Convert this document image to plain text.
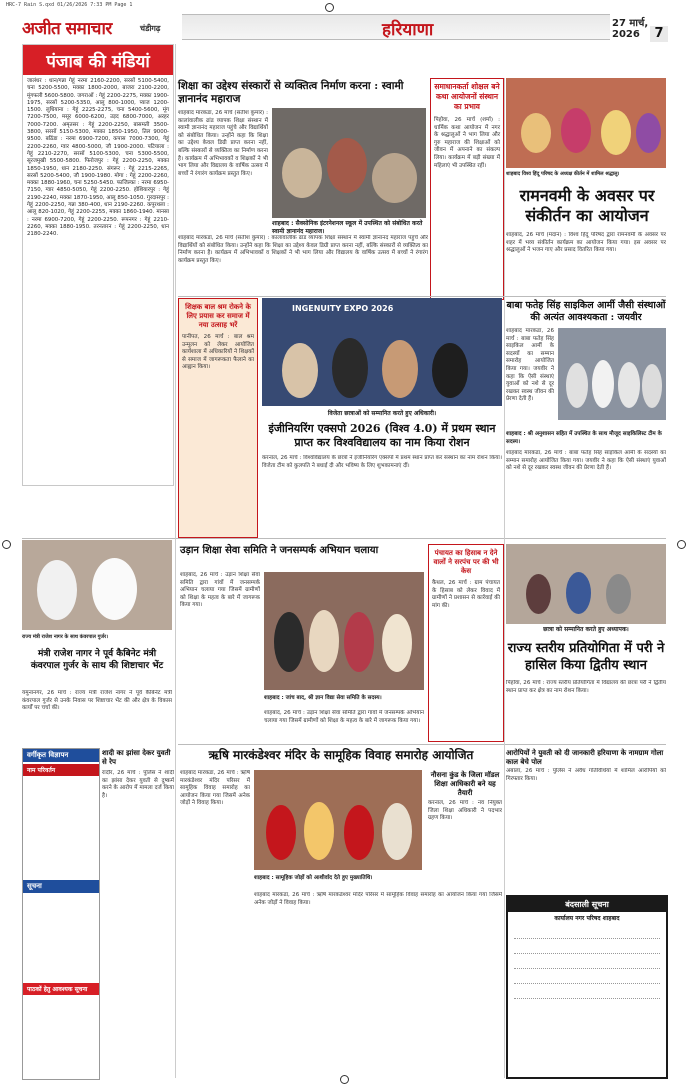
HRC-7 Rain S.qxd 01/26/2026 7:33 PM Page 1
अजीत समाचार	चंडीगढ़	हरियाणा	27 मार्च, 2026	7
पंजाब की मंडियां
जालंधर : धान/गन्ना गेहूं नरमा 2160-2200, सरसों 5100-5400, चना 5200-5500, मक्का 1800-2000, बाजरा 2100-2200, मूंगफली 5600-5800. जगराओं : गेहूं 2200-2275, मक्का 1900-1975, सरसों 5200-5350, आलू 800-1000, प्याज 1200-1500. लुधियाना : गेहूं 2225-2275, चना 5400-5600, मूंग 7200-7500, मसूर 6000-6200, उड़द 6800-7000, अरहर 7000-7200. अमृतसर : गेहूं 2200-2250, बासमती 3500-3800, सरसों 5150-5300, मक्का 1850-1950, तिल 9000-9500. बठिंडा : नरमा 6900-7200, कपास 7000-7300, गेहूं 2200-2260, ग्वार 4800-5000, जौ 1900-2000. पटियाला : गेहूं 2210-2270, सरसों 5100-5300, चना 5300-5500, सूरजमुखी 5500-5800. फिरोजपुर : गेहूं 2200-2250, मक्का 1850-1950, धान 2180-2250. संगरूर : गेहूं 2215-2265, सरसों 5200-5400, जौ 1900-1980. मोगा : गेहूं 2200-2260, मक्का 1880-1960, चना 5250-5450. फाजिल्का : नरमा 6950-7150, ग्वार 4850-5050, गेहूं 2200-2250. होशियारपुर : गेहूं 2190-2240, मक्का 1870-1950, आलू 850-1050. गुरदासपुर : गेहूं 2200-2250, गन्ना 380-400, धान 2190-2260. कपूरथला : आलू 820-1020, गेहूं 2200-2255, मक्का 1860-1940. मानसा : नरमा 6900-7200, गेहूं 2200-2250. रूपनगर : गेहूं 2210-2260, मक्का 1880-1950. तरनतारन : गेहूं 2200-2250, धान 2180-2240.
शिक्षा का उद्देश्य संस्कारों से व्यक्तित्व निर्माण करना : स्वामी ज्ञानानंद महाराज
शाहबाद मारकंडा, 26 मार्च (सतीश कुमार) : कालांवालीक ढांड व्यापक शिक्षा संस्थान में स्वामी ज्ञानानंद महाराज पहुंचे और विद्यार्थियों को संबोधित किया। उन्होंने कहा कि शिक्षा का उद्देश्य केवल डिग्री प्राप्त करना नहीं, बल्कि संस्कारों से व्यक्तित्व का निर्माण करना है। कार्यक्रम में अभिभावकों व शिक्षकों ने भी भाग लिया और विद्यालय के वार्षिक उत्सव में बच्चों ने रंगारंग कार्यक्रम प्रस्तुत किए।
शाहबाद : सैक्सोनिक इंटरनेशनल स्कूल में उपस्थित को संबोधित करते स्वामी ज्ञानानंद महाराज।
शाहबाद मारकंडा, 26 मार्च (सतीश कुमार) : कालांवालीक ढांड व्यापक शिक्षा संस्थान में स्वामी ज्ञानानंद महाराज पहुंचे और विद्यार्थियों को संबोधित किया। उन्होंने कहा कि शिक्षा का उद्देश्य केवल डिग्री प्राप्त करना नहीं, बल्कि संस्कारों से व्यक्तित्व का निर्माण करना है। कार्यक्रम में अभिभावकों व शिक्षकों ने भी भाग लिया और विद्यालय के वार्षिक उत्सव में बच्चों ने रंगारंग कार्यक्रम प्रस्तुत किए।
समाधानकर्ता शोक्षल बने कथा आयोजनों संस्थान का प्रभाव
पिहोवा, 26 मार्च (शर्मा) : धार्मिक कथा आयोजन में नगर के श्रद्धालुओं ने भाग लिया और गुरु महाराज की शिक्षाओं को जीवन में अपनाने का संकल्प लिया। कार्यक्रम में बड़ी संख्या में महिलाएं भी उपस्थित रहीं।
शाहबाद विश्व हिंदू परिषद के अध्यक्ष कीर्तन में शामिल श्रद्धालु।
रामनवमी के अवसर पर संकीर्तन का आयोजन
शाहबाद, 26 मार्च (मदान) : विश्व हिंदू परिषद द्वारा रामनवमी के अवसर पर शहर में भव्य संकीर्तन कार्यक्रम का आयोजन किया गया। इस अवसर पर श्रद्धालुओं ने भजन गाए और प्रसाद वितरित किया गया।
शिक्षक बाल श्रम रोकने के लिए प्रयास कर समाज में नया उत्साह भरें
पानीपत, 26 मार्च : बाल श्रम उन्मूलन को लेकर आयोजित कार्यशाला में अधिकारियों ने शिक्षकों से समाज में जागरूकता फैलाने का आह्वान किया।
INGENUITY EXPO 2026
विजेता छात्राओं को सम्मानित करते हुए अधिकारी।
इंजीनियरिंग एक्सपो 2026 (विश्व 4.0) में प्रथम स्थान प्राप्त कर विश्वविद्यालय का नाम किया रोशन
करनाल, 26 मार्च : विश्वविद्यालय के छात्रों ने इंजीनियरिंग एक्सपो में प्रथम स्थान प्राप्त कर संस्थान का नाम रोशन किया। विजेता टीम को कुलपति ने बधाई दी और भविष्य के लिए शुभकामनाएं दीं।
बाबा फतेह सिंह साइकिल आर्मी जैसी संस्थाओं की अत्यंत आवश्यकता : जयवीर
शाहबाद मारकंडा, 26 मार्च : बाबा फतेह सिंह साइकिल आर्मी के सदस्यों का सम्मान समारोह आयोजित किया गया। जयवीर ने कहा कि ऐसी संस्थाएं युवाओं को नशे से दूर रखकर स्वस्थ जीवन की प्रेरणा देती हैं।
शाहबाद : श्री अनुशासन सहित में उपस्थित के साथ मौजूद साइकिलिस्ट टीम के सदस्य।
शाहबाद मारकंडा, 26 मार्च : बाबा फतेह सिंह साइकिल आर्मी के सदस्यों का सम्मान समारोह आयोजित किया गया। जयवीर ने कहा कि ऐसी संस्थाएं युवाओं को नशे से दूर रखकर स्वस्थ जीवन की प्रेरणा देती हैं।
राज्य मंत्री राजेश नागर के साथ कंवरपाल गुर्जर।
मंत्री राजेश नागर ने पूर्व कैबिनेट मंत्री कंवरपाल गुर्जर के साथ की शिष्टाचार भेंट
यमुनानगर, 26 मार्च : राज्य मंत्री राजेश नागर ने पूर्व कैबिनेट मंत्री कंवरपाल गुर्जर से उनके निवास पर शिष्टाचार भेंट की और क्षेत्र के विकास कार्यों पर चर्चा की।
वर्गीकृत विज्ञापन
नाम परिवर्तन
सूचना
पाठकों हेतु आवश्यक सूचना
शादी का झांसा देकर युवती से रेप
रादौर, 26 मार्च : पुलिस ने शादी का झांसा देकर युवती से दुष्कर्म करने के आरोप में मामला दर्ज किया है।
उड़ान शिक्षा सेवा समिति ने जनसम्पर्क अभियान चलाया
शाहबाद, 26 मार्च : उड़ान शिक्षा सेवा समिति द्वारा गांवों में जनसम्पर्क अभियान चलाया गया जिसमें ग्रामीणों को शिक्षा के महत्व के बारे में जागरूक किया गया।
शाहबाद : जांच बाद, श्री ज्ञान विद्या सेवा समिति के सदस्य।
शाहबाद, 26 मार्च : उड़ान शिक्षा सेवा समिति द्वारा गांवों में जनसम्पर्क अभियान चलाया गया जिसमें ग्रामीणों को शिक्षा के महत्व के बारे में जागरूक किया गया।
पंचायत का हिसाब न देने वालों ने सरपंच पर की भी केस
कैथल, 26 मार्च : ग्राम पंचायत के हिसाब को लेकर विवाद में ग्रामीणों ने प्रशासन से कार्रवाई की मांग की।
छात्रा को सम्मानित करते हुए अध्यापक।
राज्य स्तरीय प्रतियोगिता में परी ने हासिल किया द्वितीय स्थान
पिहोवा, 26 मार्च : राज्य स्तरीय प्रतियोगिता में विद्यालय की छात्रा परी ने द्वितीय स्थान प्राप्त कर क्षेत्र का नाम रोशन किया।
ऋषि मारकंडेश्वर मंदिर के सामूहिक विवाह समारोह आयोजित
शाहबाद मारकंडा, 26 मार्च : ऋषि मारकंडेश्वर मंदिर परिसर में सामूहिक विवाह समारोह का आयोजन किया गया जिसमें अनेक जोड़ों ने विवाह किया।
शाहबाद : सामूहिक जोड़ों को आशीर्वाद देते हुए मुख्यातिथि।
शाहबाद मारकंडा, 26 मार्च : ऋषि मारकंडेश्वर मंदिर परिसर में सामूहिक विवाह समारोह का आयोजन किया गया जिसमें अनेक जोड़ों ने विवाह किया।
नौसना कुंड के जिला मॉडल शिक्षा आधिकारी बने यह तैयारी
करनाल, 26 मार्च : नव नियुक्त जिला शिक्षा अधिकारी ने पदभार ग्रहण किया।
आरोपियों ने युवती को दी जानकारी हरियाणा के नामग्राम गोला काल बेचे पोल
अंबाला, 26 मार्च : पुलिस ने अवैध गतिविधियों में शामिल आरोपियों को गिरफ्तार किया।
बंदसाली सूचना
कार्यालय नगर परिषद शाहबाद
